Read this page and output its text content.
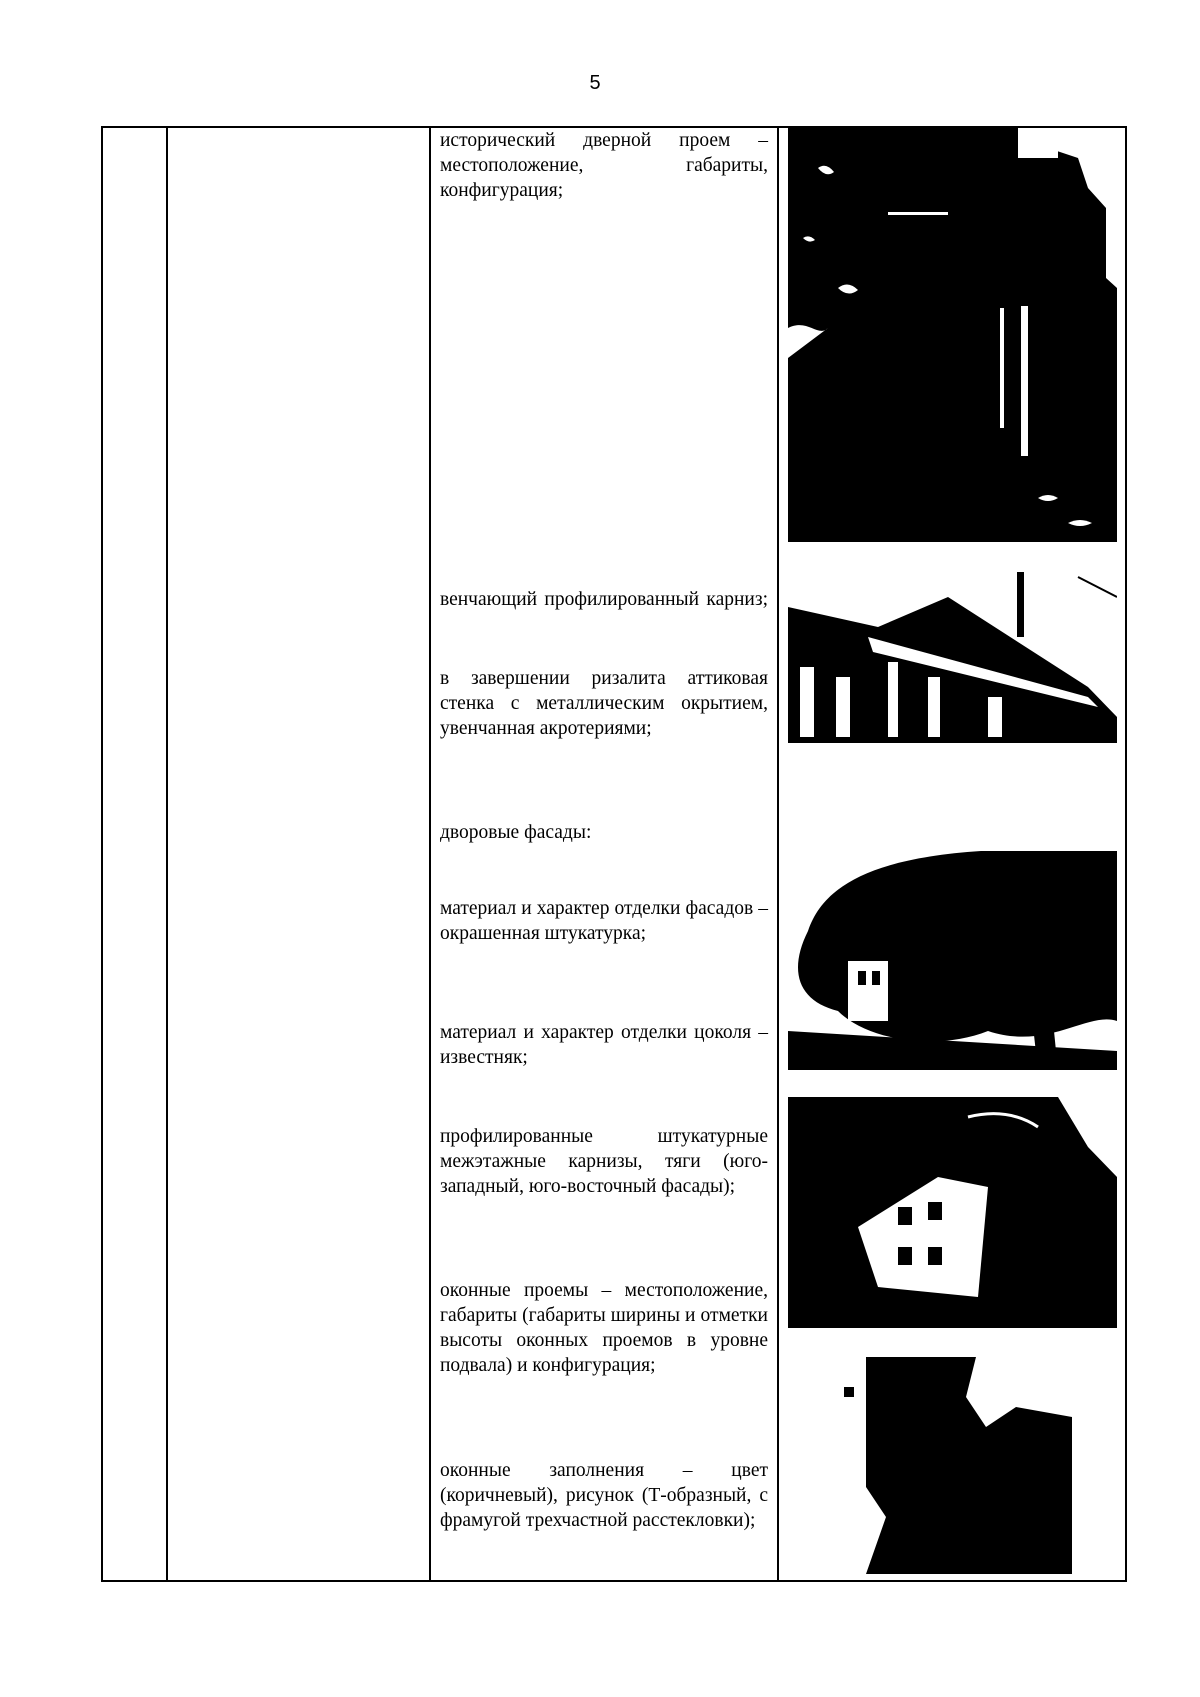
5
исторический дверной проем – местоположение, габариты, конфигурация;
венчающий профилированный карниз;
в завершении ризалита аттиковая стенка с металлическим окрытием, увенчанная акротериями;
дворовые фасады:
материал и характер отделки фасадов – окрашенная штукатурка;
материал и характер отделки цоколя – известняк;
профилированные штукатурные межэтажные карнизы, тяги (юго-западный, юго-восточный фасады);
оконные проемы – местоположение, габариты (габариты ширины и отметки высоты оконных проемов в уровне подвала) и конфигурация;
оконные заполнения – цвет (коричневый), рисунок (Т-образный, с фрамугой трехчастной расстекловки);
